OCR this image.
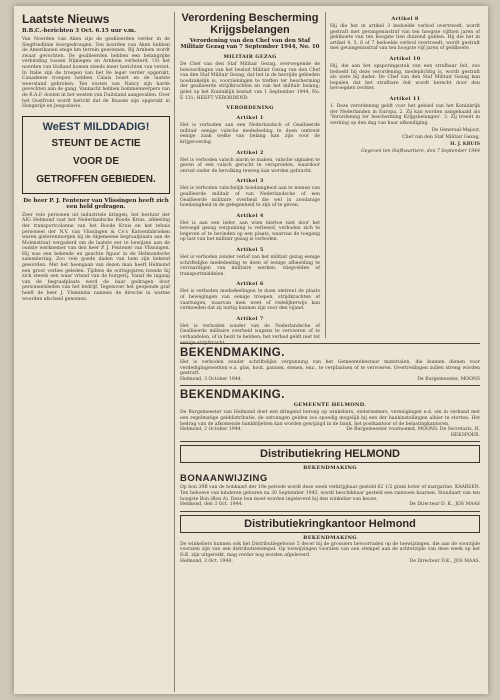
Laatste Nieuws
B.B.C.-berichten 3 Oct. 6.15 uur v.m.

Van Noorden van Aken zijn de geallieerden verder in de Siegfriedlinie doorgedrongen. Ten noorden van Aken hebben de Amerikanen enige km terrein gewonnen. Bij Arnhem wordt zwaar gevochten. De geallieerden hebben een belangrijke verbinding tussen Nijmegen en Arnhem verbeterd. Uit het noorden van Holland komen steeds meer berichten van verzet. In Italie zijn de troepen van het 8e leger verder opgerukt. Canadeese troepen hebben Calais bezet en de laatste weerstand gebroken. Ten oosten van Nancy zijn harde gevechten aan de gang. Vannacht hebben bommenwerpers van de R.A.F. doelen in het westen van Duitsland aangevallen. Over het Oostfront wordt bericht dat de Russen zijn opgerukt in Hongarije en Joegoslavie.

WeEST MILDDADIG!
STEUNT DE ACTIE
VOOR DE
GETROFFEN GEBIEDEN.
De heer P. J. Fentener van Vlissingen heeft zich een held gedragen.

Zeer vele personen uit industriele kringen, het bestuur der AIG Helmond vast het Nederlandsche Roode Kruis, afdeeling der transportcolonne van het Roode Kruis en het tehuis personeel der N.V. van Vlissingen & Co's Katoenfabrieken waren gisterenmorgen bij de Algemeene begraafplaats aan de Molenstraat vergaderd om de laatste eer te bewijzen aan de oudste werknemer van den heer P. J. Fentener van Vlissingen. Hij was een bekende en geachte figuur in de Helmondsche samenleving. Zoo vele goede daden van hem zijn bekend geworden. Met het heengaan van dezen man heeft Helmond een groot verlies geleden. Tijdens de oorlogsjaren toonde hij zich steeds een waar vriend van de burgerij. Vanaf de ingang van de begraafplaats werd de baar gedragen door personeelsleden van het bedrijf. Tegenover het geopende graf heeft de heer J. Vlemminx namens de directie in warme woorden afscheid genomen.

Verordening Bescherming Krijgsbelangen
Verordening van den Chef van den Staf Militair Gezag van 7 September 1944, No. 10
MILITAIR GEZAG

De Chef van den Staf Militair Gezag, overwegende de bewoordingen van het besluit Militair Gezag van den Chef van den Staf Militair Gezag, dat het in de bevrijde gebieden noodzakelijk is, voorzieningen te treffen ter bescherming der geallieerde strijdkrachten en van het militair belang; gelet op het Koninklijk besluit van 1 September 1944, No. E 131; HEEFT VERORDEND:

VERORDENING
Artikel 1

Het is verboden aan een Nederlandsch of Geallieerde militair eenige valsche mededeeling te doen omtrent eenige zaak welke van belang kan zijn voor de krijgsvoering.

Artikel 2

Het is verboden valsch alarm te maken, valsche signalen te geven of een valsch gerucht te verspreiden, waardoor onrust onder de bevolking teweeg kan worden gebracht.

Artikel 3

Het is verboden valschelijk hoedanigheid aan te nemen van geallieerde militair of van Nederlandsche of een Geallieerde militaire overheid die wel in zoodanige hoedanigheid in de gelegenheid te zijn of te geven.

Artikel 4

Het is aan een ieder, aan wien hiertoe niet door het bevoegd gezag vergunning is verleend, verboden zich te begeven of te bevinden op een plaats, waarvan de toegang op last van het militair gezag is verboden.

Artikel 5

Het is verboden zonder verlof van het militair gezag eenige schriftelijke mededeeling te doen of eenige afbeelding te vervaardigen van militaire werken, vliegvelden of transportmiddelen.

Artikel 6

Het is verboden mededeelingen te doen omtrent de plaats of bewegingen van eenige troepen, strijdkrachten of vaartuigen, waarvan men weet of redelijkerwijs kan vermoeden dat zij nuttig kunnen zijn voor den vijand.

Artikel 7

Het is verboden zonder van de Nederlandsche of Geallieerde militaire overheid wapens te vervoeren of te verhandelen, of in bezit te hebben; het verbod geldt niet tot eenige strijdkracht.

Artikel 8

Hij die het in artikel 3 bedoelde verbod overtreedt, wordt gestraft met gevangenisstraf van ten hoogste vijftien jaren of geldboete van ten hoogste tien duizend gulden. Hij die het in artikel 4, 5, 6 of 7 bedoelde verbod overtreedt, wordt gestraft met gevangenisstraf van ten hoogste vijf jaren of geldboete.

Artikel 10

Hij, die aan het opsporingsstuk van een strafbaar feit, zoo bedoeld bij deze verordening, medeplichtig is, wordt gestraft als ware hij dader. De Chef van den Staf Militair Gezag kan bepalen dat het strafbare feit wordt berecht door den bevoegden rechter.

Artikel 11

1. Deze verordening geldt voor het gebied van het Koninkrijk der Nederlanden in Europa. 2. Zij kan worden aangehaald als 'Verordening ter bescherming Krijgsbelangen'. 3. Zij treedt in werking op den dag van haar afkondiging.

De Generaal-Majoor,
Chef van den Staf Militair Gezag,
H. J. KRUIS
Gegeven ten Stafkwartiere, den 7 September 1944
BEKENDMAKING.

Het is verboden zonder schriftelijke vergunning van het Gemeentebestuur materialen, die kunnen dienen voor verdedigingswerken e.a. glas, hout, pannen, stenen, enz., te verplaatsen of te vervoeren. Overtredingen zullen streng worden gestraft.

Helmond, 3 October 1944.	De Burgemeester, MOONS

BEKENDMAKING.
GEMEENTE HELMOND.

De Burgemeester van Helmond doet een dringend beroep op winkeliers, ondernemers, verenigingen e.d. om in verband met een regelmatige gelddistributie, de ontvangen gelden zoo spoedig mogelijk bij een der bankinstellingen alhier te storten. Het bedrag van de afkomende bankbiljetten kan worden gewijzigd in de bank, het postkantoor of de belastingkantoren.

Helmond, 2 October 1944.	De Burgemeester voornoemd, MOONS. De Secretaris, H. HEKSPOER.

Distributiekring HELMOND
BEKENDMAKING
BONAANWIJZING

Op bon 39B van de bonkaart der 10e periode wordt deze week verkrijgbaar gesteld 62 1/2 gram boter of margarine. KAARSEN. Ten behoeve van kinderen geboren na 30 September 1943, wordt beschikbaar gesteld een rantsoen kaarsen. Standaart van ten hoogste Bon (Bon A). Deze bon moet worden ingeleverd bij den winkelier van keuze.

Helmond, den 3 Oct. 1944.	De Directeur D. K., JOS MAAS

Distributiekringkantoor Helmond
BEKENDMAKING

De winkeliers kunnen ook het Distributiegebouw 5 decer bij de grossiers bevoorraden op de toewijzingen, die aan de voorzijde voorzien zijn van een distributiestempel. Op toewijzingen voorzien van een stempel aan de achterzijde van deze week op het D.K. zijn uitgereikt, mag verder nog worden afgeleverd.

Helmond, 3 Oct. 1944.	De Directeur D.K., JOS MAAS.
